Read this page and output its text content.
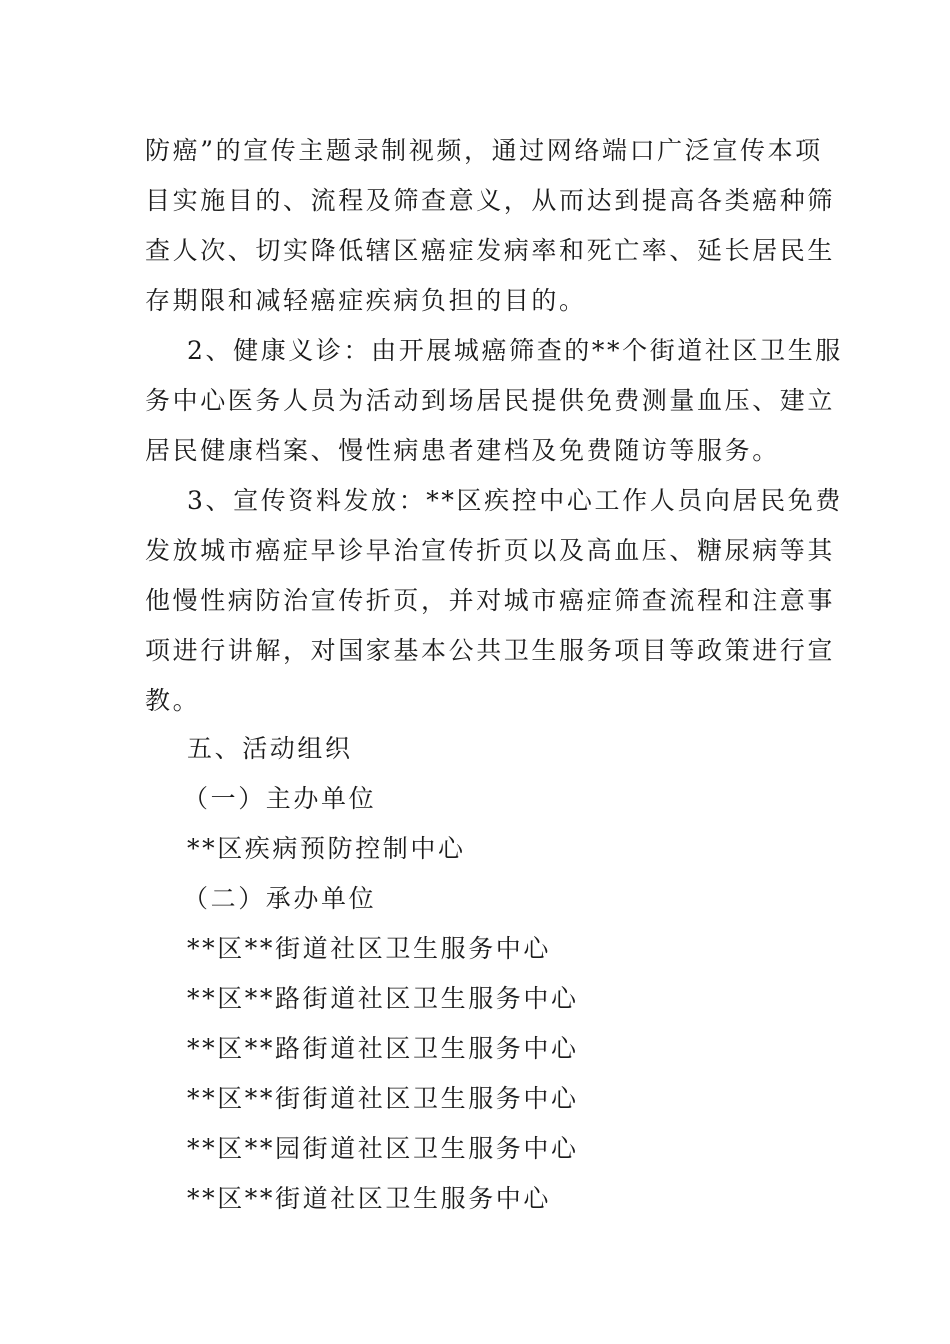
防癌”的宣传主题录制视频，通过网络端口广泛宣传本项
目实施目的、流程及筛查意义，从而达到提高各类癌种筛
查人次、切实降低辖区癌症发病率和死亡率、延长居民生
存期限和减轻癌症疾病负担的目的。
2、健康义诊：由开展城癌筛查的**个街道社区卫生服
务中心医务人员为活动到场居民提供免费测量血压、建立
居民健康档案、慢性病患者建档及免费随访等服务。
3、宣传资料发放：**区疾控中心工作人员向居民免费
发放城市癌症早诊早治宣传折页以及高血压、糖尿病等其
他慢性病防治宣传折页，并对城市癌症筛查流程和注意事
项进行讲解，对国家基本公共卫生服务项目等政策进行宣
教。
五、活动组织
（一）主办单位
**区疾病预防控制中心
（二）承办单位
**区**街道社区卫生服务中心
**区**路街道社区卫生服务中心
**区**路街道社区卫生服务中心
**区**街街道社区卫生服务中心
**区**园街道社区卫生服务中心
**区**街道社区卫生服务中心
